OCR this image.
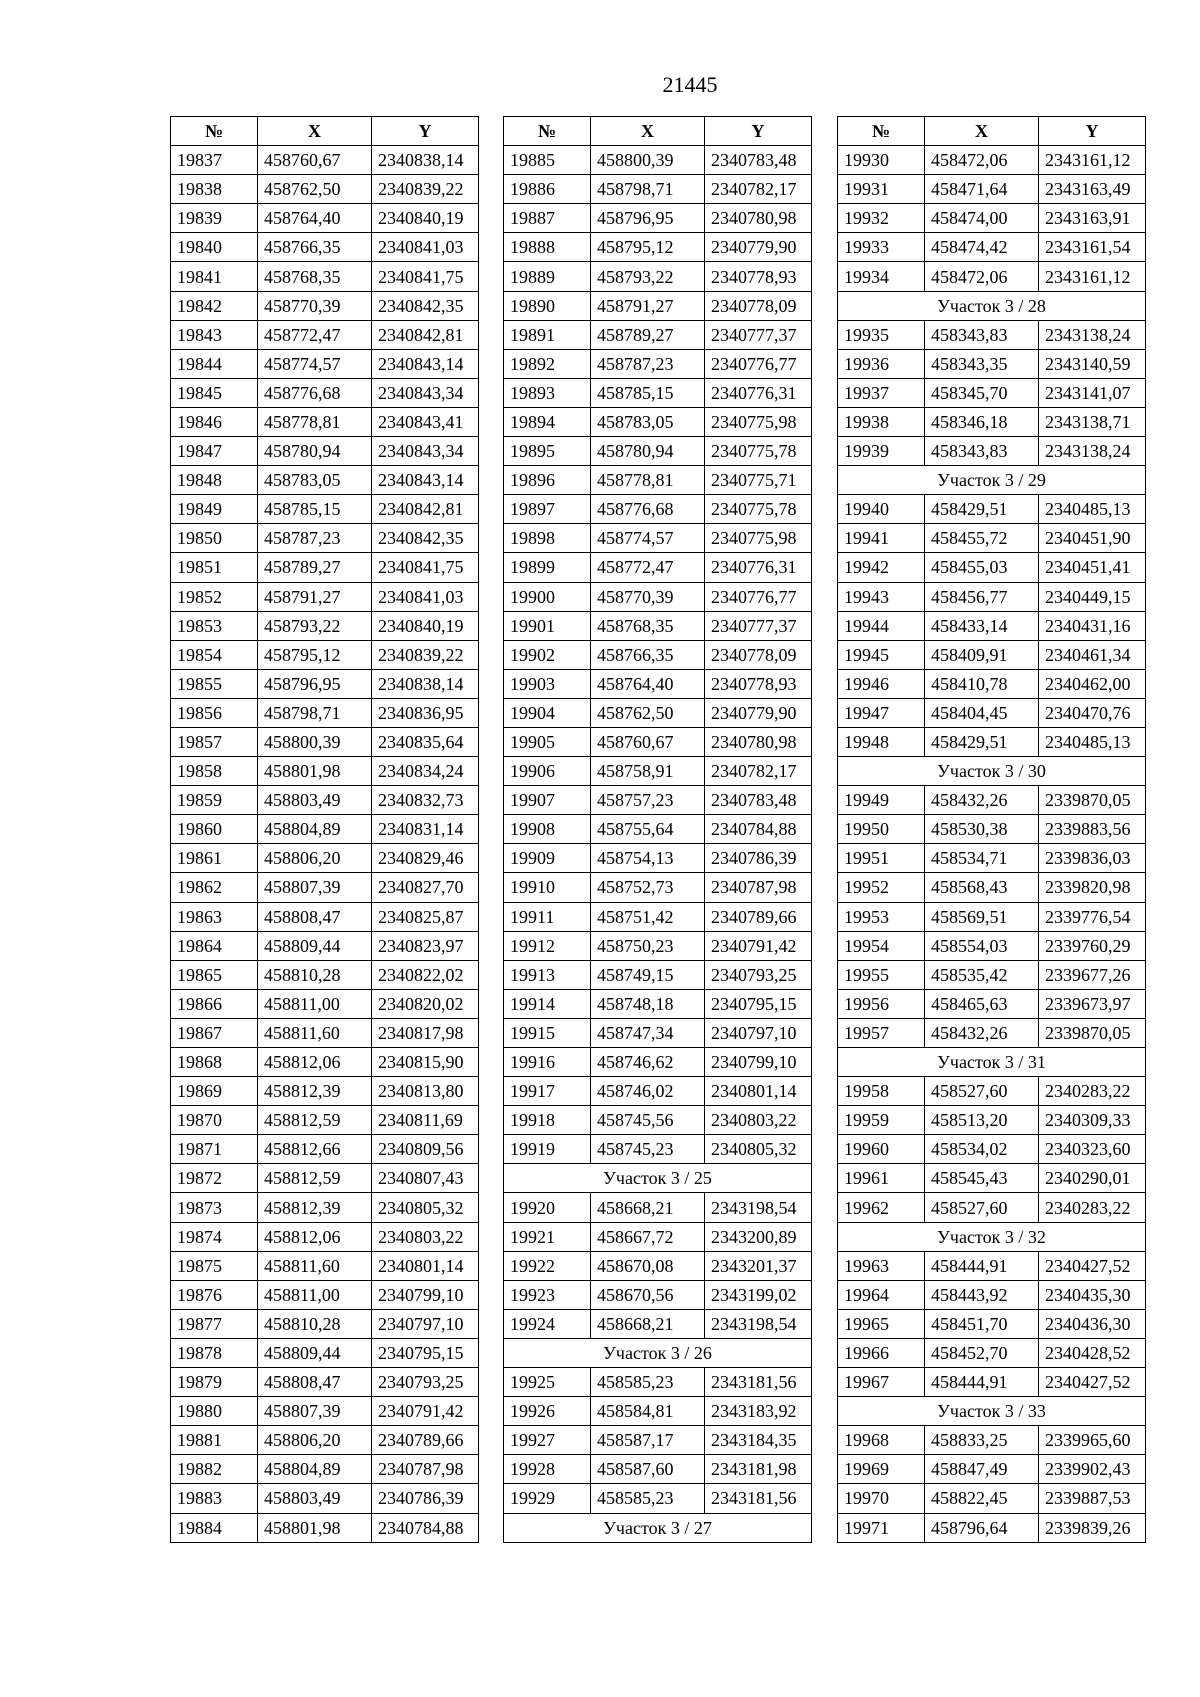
21445
№	X	Y
19837	458760,67	2340838,14
19838	458762,50	2340839,22
19839	458764,40	2340840,19
19840	458766,35	2340841,03
19841	458768,35	2340841,75
19842	458770,39	2340842,35
19843	458772,47	2340842,81
19844	458774,57	2340843,14
19845	458776,68	2340843,34
19846	458778,81	2340843,41
19847	458780,94	2340843,34
19848	458783,05	2340843,14
19849	458785,15	2340842,81
19850	458787,23	2340842,35
19851	458789,27	2340841,75
19852	458791,27	2340841,03
19853	458793,22	2340840,19
19854	458795,12	2340839,22
19855	458796,95	2340838,14
19856	458798,71	2340836,95
19857	458800,39	2340835,64
19858	458801,98	2340834,24
19859	458803,49	2340832,73
19860	458804,89	2340831,14
19861	458806,20	2340829,46
19862	458807,39	2340827,70
19863	458808,47	2340825,87
19864	458809,44	2340823,97
19865	458810,28	2340822,02
19866	458811,00	2340820,02
19867	458811,60	2340817,98
19868	458812,06	2340815,90
19869	458812,39	2340813,80
19870	458812,59	2340811,69
19871	458812,66	2340809,56
19872	458812,59	2340807,43
19873	458812,39	2340805,32
19874	458812,06	2340803,22
19875	458811,60	2340801,14
19876	458811,00	2340799,10
19877	458810,28	2340797,10
19878	458809,44	2340795,15
19879	458808,47	2340793,25
19880	458807,39	2340791,42
19881	458806,20	2340789,66
19882	458804,89	2340787,98
19883	458803,49	2340786,39
19884	458801,98	2340784,88
№	X	Y
19885	458800,39	2340783,48
19886	458798,71	2340782,17
19887	458796,95	2340780,98
19888	458795,12	2340779,90
19889	458793,22	2340778,93
19890	458791,27	2340778,09
19891	458789,27	2340777,37
19892	458787,23	2340776,77
19893	458785,15	2340776,31
19894	458783,05	2340775,98
19895	458780,94	2340775,78
19896	458778,81	2340775,71
19897	458776,68	2340775,78
19898	458774,57	2340775,98
19899	458772,47	2340776,31
19900	458770,39	2340776,77
19901	458768,35	2340777,37
19902	458766,35	2340778,09
19903	458764,40	2340778,93
19904	458762,50	2340779,90
19905	458760,67	2340780,98
19906	458758,91	2340782,17
19907	458757,23	2340783,48
19908	458755,64	2340784,88
19909	458754,13	2340786,39
19910	458752,73	2340787,98
19911	458751,42	2340789,66
19912	458750,23	2340791,42
19913	458749,15	2340793,25
19914	458748,18	2340795,15
19915	458747,34	2340797,10
19916	458746,62	2340799,10
19917	458746,02	2340801,14
19918	458745,56	2340803,22
19919	458745,23	2340805,32
Участок 3 / 25		
19920	458668,21	2343198,54
19921	458667,72	2343200,89
19922	458670,08	2343201,37
19923	458670,56	2343199,02
19924	458668,21	2343198,54
Участок 3 / 26		
19925	458585,23	2343181,56
19926	458584,81	2343183,92
19927	458587,17	2343184,35
19928	458587,60	2343181,98
19929	458585,23	2343181,56
Участок 3 / 27		
№	X	Y
19930	458472,06	2343161,12
19931	458471,64	2343163,49
19932	458474,00	2343163,91
19933	458474,42	2343161,54
19934	458472,06	2343161,12
Участок 3 / 28		
19935	458343,83	2343138,24
19936	458343,35	2343140,59
19937	458345,70	2343141,07
19938	458346,18	2343138,71
19939	458343,83	2343138,24
Участок 3 / 29		
19940	458429,51	2340485,13
19941	458455,72	2340451,90
19942	458455,03	2340451,41
19943	458456,77	2340449,15
19944	458433,14	2340431,16
19945	458409,91	2340461,34
19946	458410,78	2340462,00
19947	458404,45	2340470,76
19948	458429,51	2340485,13
Участок 3 / 30		
19949	458432,26	2339870,05
19950	458530,38	2339883,56
19951	458534,71	2339836,03
19952	458568,43	2339820,98
19953	458569,51	2339776,54
19954	458554,03	2339760,29
19955	458535,42	2339677,26
19956	458465,63	2339673,97
19957	458432,26	2339870,05
Участок 3 / 31		
19958	458527,60	2340283,22
19959	458513,20	2340309,33
19960	458534,02	2340323,60
19961	458545,43	2340290,01
19962	458527,60	2340283,22
Участок 3 / 32		
19963	458444,91	2340427,52
19964	458443,92	2340435,30
19965	458451,70	2340436,30
19966	458452,70	2340428,52
19967	458444,91	2340427,52
Участок 3 / 33		
19968	458833,25	2339965,60
19969	458847,49	2339902,43
19970	458822,45	2339887,53
19971	458796,64	2339839,26
